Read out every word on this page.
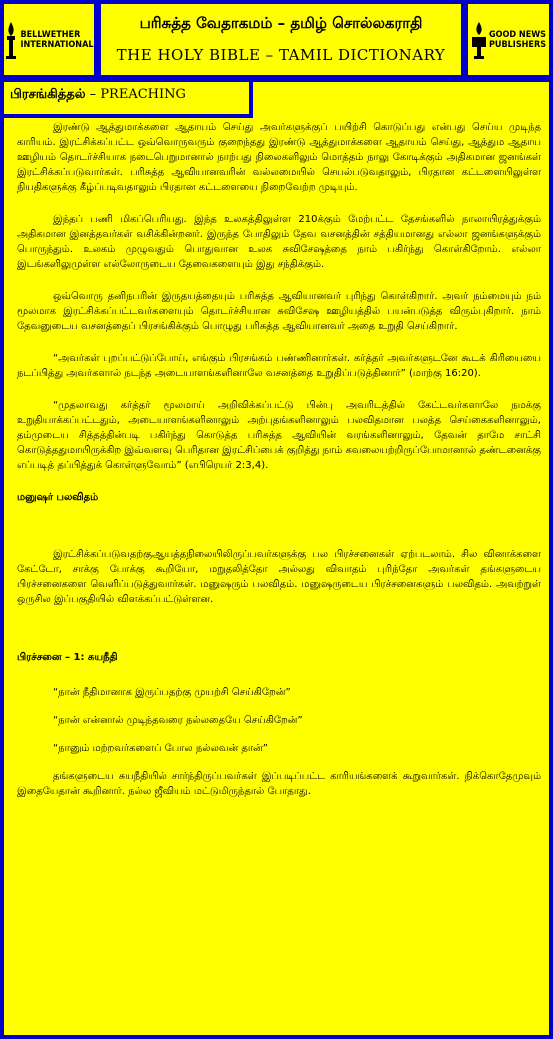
BELLWETHER
INTERNATIONAL
பரிசுத்த வேதாகமம் – தமிழ் சொல்லகராதி
THE HOLY BIBLE – TAMIL DICTIONARY
GOOD NEWS
PUBLISHERS

இரண்டு ஆத்துமாக்களை ஆதாயம் செய்து அவர்களுக்குப் பயிற்சி கொடுப்பது என்பது செய்ய முடிந்த காரியம். இரட்சிக்கப்பட்ட ஒவ்வொருவரும் குறைந்தது இரண்டு ஆத்துமாக்களை ஆதாயம் செய்து, ஆத்தும ஆதாய ஊழியம் தொடர்ச்சியாக நடைபெறுமானால் நாற்பது நிலைகளிலும் மொத்தம் நாலு கோடிக்கும் அதிகமான ஜனங்கள் இரட்சிக்கப்படுவார்கள். பரிசுத்த ஆவியானவரின் வல்லமையில் செயல்படுவதாலும், பிரதான கட்டளையிலுள்ள நியதிகளுக்கு கீழ்ப்படிவதாலும் பிரதான கட்டளையை நிறைவேற்ற முடியும்.

இந்தப் பணி மிகப்பெரியது. இந்த உலகத்திலுள்ள 210க்கும் மேற்பட்ட தேசங்களில் நாலாயிரத்துக்கும் அதிகமான இனத்தவர்கள் வசிக்கின்றனர். இருந்த போதிலும் தேவ வசனத்தின் சத்தியமானது எல்லா ஜனங்களுக்கும் பொருந்தும். உலகம் முழுவதும் பொதுவான உலக சுவிசேஷத்தை நாம் பகிர்ந்து கொள்கிறோம். எல்லா இடங்களிலுமுள்ள எல்லோருடைய தேவைகளையும் இது சந்திக்கும்.

ஒவ்வொரு தனிநபரின் இருதயத்தையும் பரிசுத்த ஆவியானவர் புரிந்து கொள்கிறார். அவர் நம்மையும் நம் மூலமாக இரட்சிக்கப்பட்டவர்களையும் தொடர்ச்சியான சுவிசேஷ ஊழியத்தில் பயன்படுத்த விரும்புகிறார். நாம் தேவனுடைய வசனத்தைப் பிரசங்கிக்கும் பொழுது பரிசுத்த ஆவியானவர் அதை உறுதி செய்கிறார்.

“அவர்கள் புறப்பட்டுப்போய், எங்கும் பிரசங்கம் பண்ணினார்கள். கர்த்தர் அவர்களுடனே கூடக் கிரியையை நடப்பித்து அவர்களால் நடந்த அடையாளங்களினாலே வசனத்தை உறுதிப்படுத்தினார்” (மாற்கு 16:20).

“முதலாவது கர்த்தர் மூலமாய் அறிவிக்கப்பட்டு பின்பு அவரிடத்தில் கேட்டவர்களாலே நமக்கு உறுதியாக்கப்பட்டதும், அடையாளங்களினாலும் அற்புதங்களினாலும் பலவிதமான பலத்த செய்கைகளினாலும், தம்முடைய சித்தத்தின்படி பகிர்ந்து கொடுத்த பரிசுத்த ஆவியின் வரங்களினாலும், தேவன் தாமே சாட்சி கொடுத்ததுமாயிருக்கிற இவ்வளவு பெரிதான இரட்சிப்பைக் குறித்து நாம் கவலையற்றிருப்போமானால் தண்டனைக்கு எப்படித் தப்பித்துக் கொள்ளுவோம்” (எபிரெயர் 2:3,4).

மனுஷர் பலவிதம்

இரட்சிக்கப்படுவதற்குஆயத்தநிலையிலிருப்பவர்களுக்கு பல பிரச்சனைகள் ஏற்படலாம். சில வினாக்களை கேட்டோ, சாக்கு போக்கு கூறியோ, மறுதலித்தோ அல்லது விவாதம் புரிந்தோ அவர்கள் தங்களுடைய பிரச்சனைகளை வெளிப்படுத்துவார்கள். மனுஷரும் பலவிதம். மனுஷருடைய பிரச்சனைகளும் பலவிதம். அவற்றுள் ஒருசில இப்பகுதியில் விளக்கப்பட்டுள்ளன.

பிரச்சனை – 1: சுயநீதி

“நான் நீதிமானாக இருப்பதற்கு முயற்சி செய்கிறேன்”

“நான் என்னால் முடிந்தவரை நல்லதையே செய்கிறேன்”

“நானும் மற்றவர்களைப் போல நல்லவன் தான்”

தங்களுடைய சுயநீதியில் சார்ந்திருப்பவர்கள் இப்படிப்பட்ட காரியங்களைக் கூறுவார்கள். நிக்கொதேமுவும் இதையேதான் கூறினார். நல்ல ஜீவியம் மட்டுமிருந்தால் போதாது.

பிரசங்கித்தல் – PREACHING
